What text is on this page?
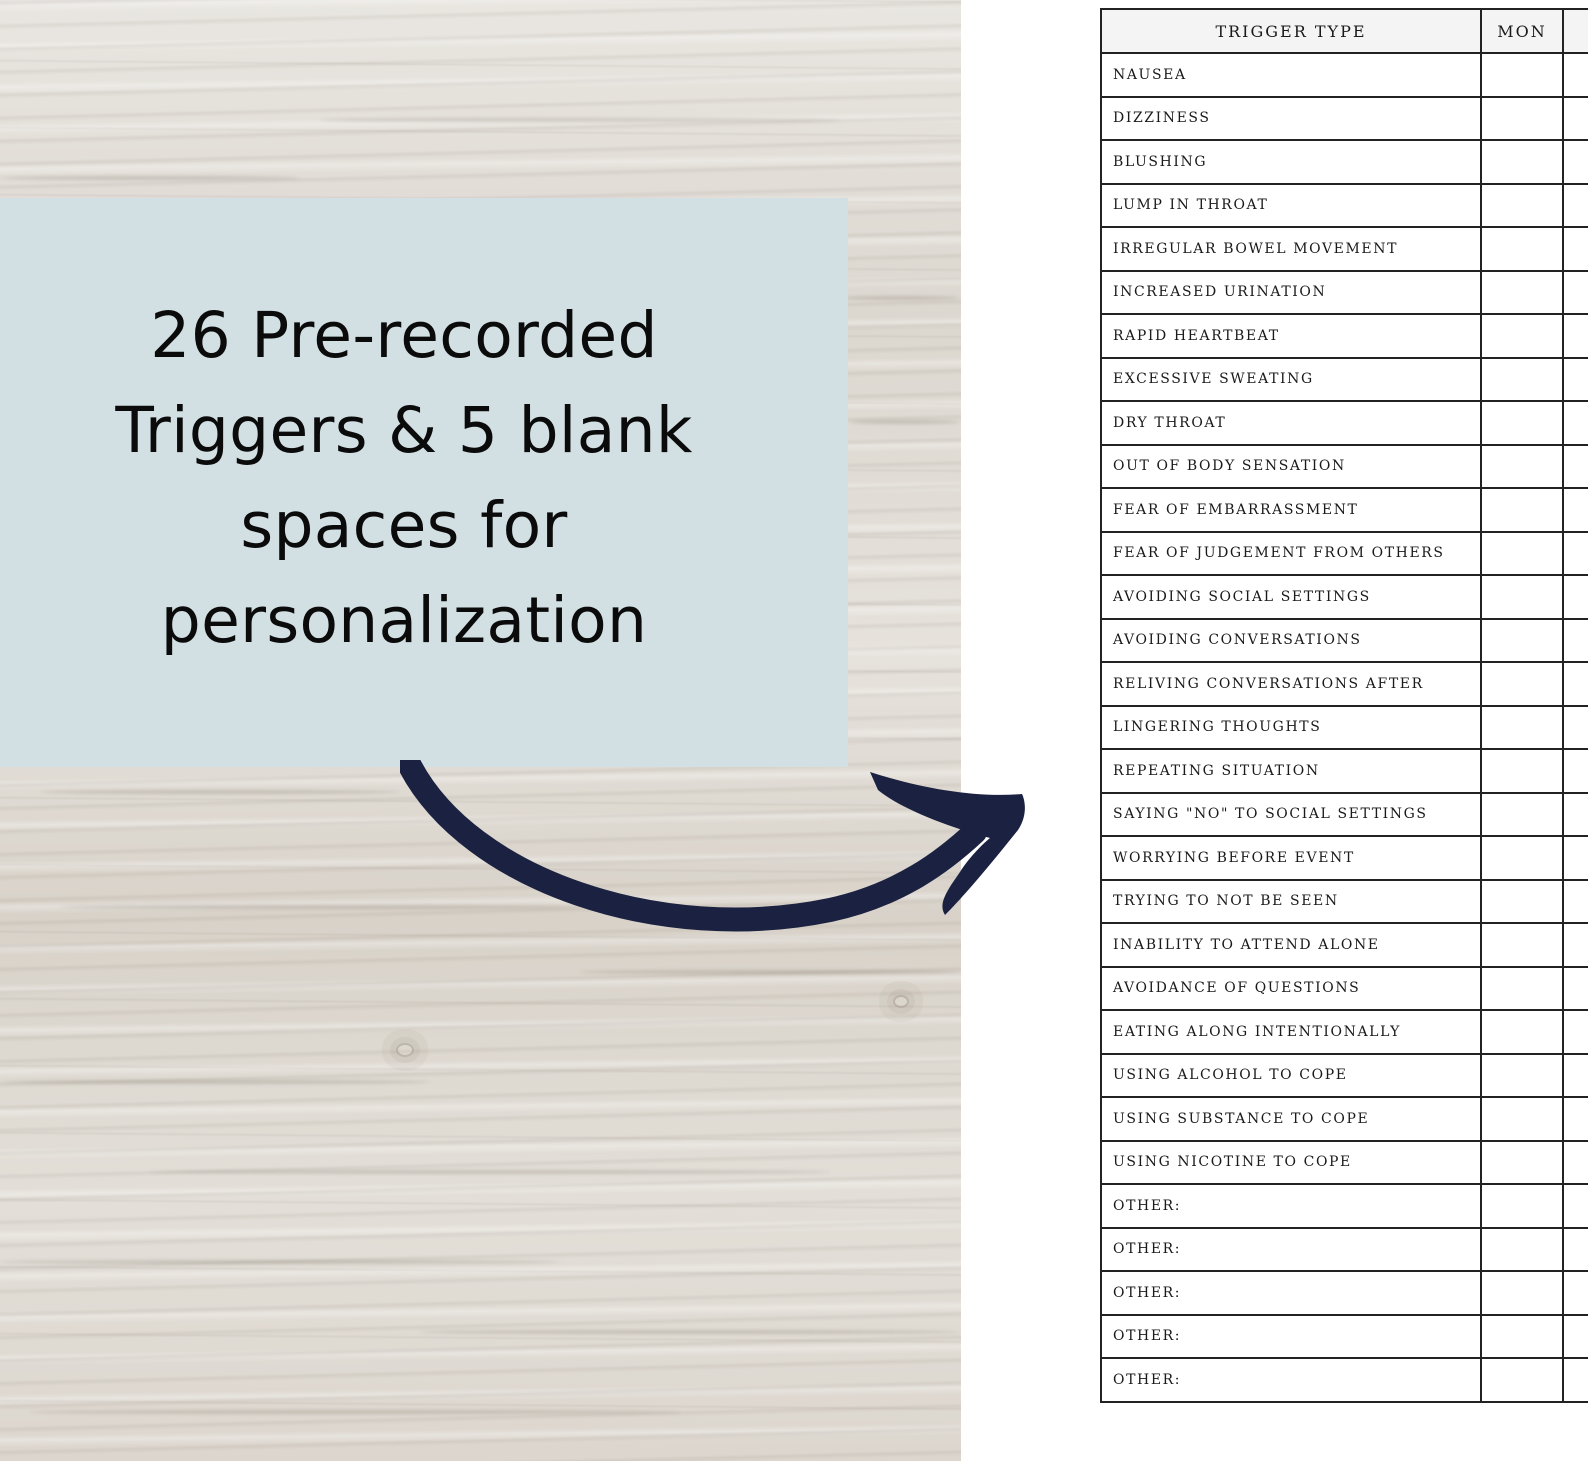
26 Pre-recorded
Triggers & 5 blank
spaces for
personalization
TRIGGER TYPE	MON	
NAUSEA		
DIZZINESS		
BLUSHING		
LUMP IN THROAT		
IRREGULAR BOWEL MOVEMENT		
INCREASED URINATION		
RAPID HEARTBEAT		
EXCESSIVE SWEATING		
DRY THROAT		
OUT OF BODY SENSATION		
FEAR OF EMBARRASSMENT		
FEAR OF JUDGEMENT FROM OTHERS		
AVOIDING SOCIAL SETTINGS		
AVOIDING CONVERSATIONS		
RELIVING CONVERSATIONS AFTER		
LINGERING THOUGHTS		
REPEATING SITUATION		
SAYING "NO" TO SOCIAL SETTINGS		
WORRYING BEFORE EVENT		
TRYING TO NOT BE SEEN		
INABILITY TO ATTEND ALONE		
AVOIDANCE OF QUESTIONS		
EATING ALONG INTENTIONALLY		
USING ALCOHOL TO COPE		
USING SUBSTANCE TO COPE		
USING NICOTINE TO COPE		
OTHER:		
OTHER:		
OTHER:		
OTHER:		
OTHER:		
